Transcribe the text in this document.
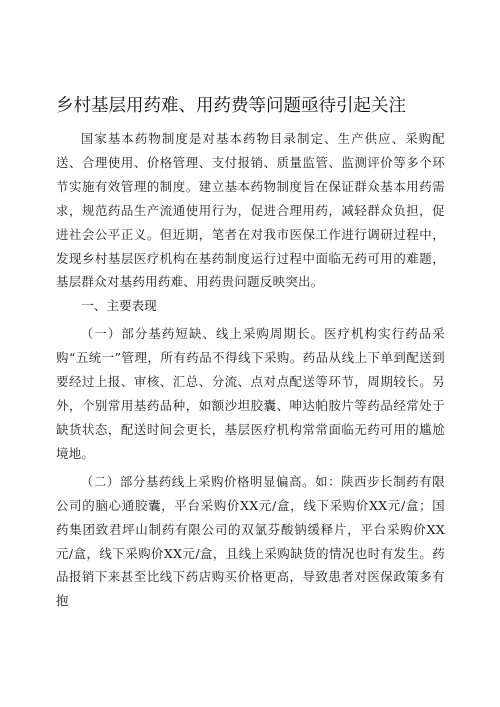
乡村基层用药难、用药费等问题亟待引起关注

国家基本药物制度是对基本药物目录制定、生产供应、采购配送、合理使用、价格管理、支付报销、质量监管、监测评价等多个环节实施有效管理的制度。建立基本药物制度旨在保证群众基本用药需求，规范药品生产流通使用行为，促进合理用药，减轻群众负担，促进社会公平正义。但近期，笔者在对我市医保工作进行调研过程中，发现乡村基层医疗机构在基药制度运行过程中面临无药可用的难题，基层群众对基药用药难、用药贵问题反映突出。

一、主要表现

（一）部分基药短缺、线上采购周期长。医疗机构实行药品采购“五统一”管理，所有药品不得线下采购。药品从线上下单到配送到要经过上报、审核、汇总、分流、点对点配送等环节，周期较长。另外，个别常用基药品种，如额沙坦胶囊、呻达帕胺片等药品经常处于缺货状态，配送时间会更长，基层医疗机构常常面临无药可用的尴尬境地。

（二）部分基药线上采购价格明显偏高。如：陕西步长制药有限公司的脑心通胶囊，平台采购价XX元/盒，线下采购价XX元/盒；国药集团致君坪山制药有限公司的双氯芬酸钠缓释片，平台采购价XX元/盒，线下采购价XX元/盒，且线上采购缺货的情况也时有发生。药品报销下来甚至比线下药店购买价格更高，导致患者对医保政策多有抱
